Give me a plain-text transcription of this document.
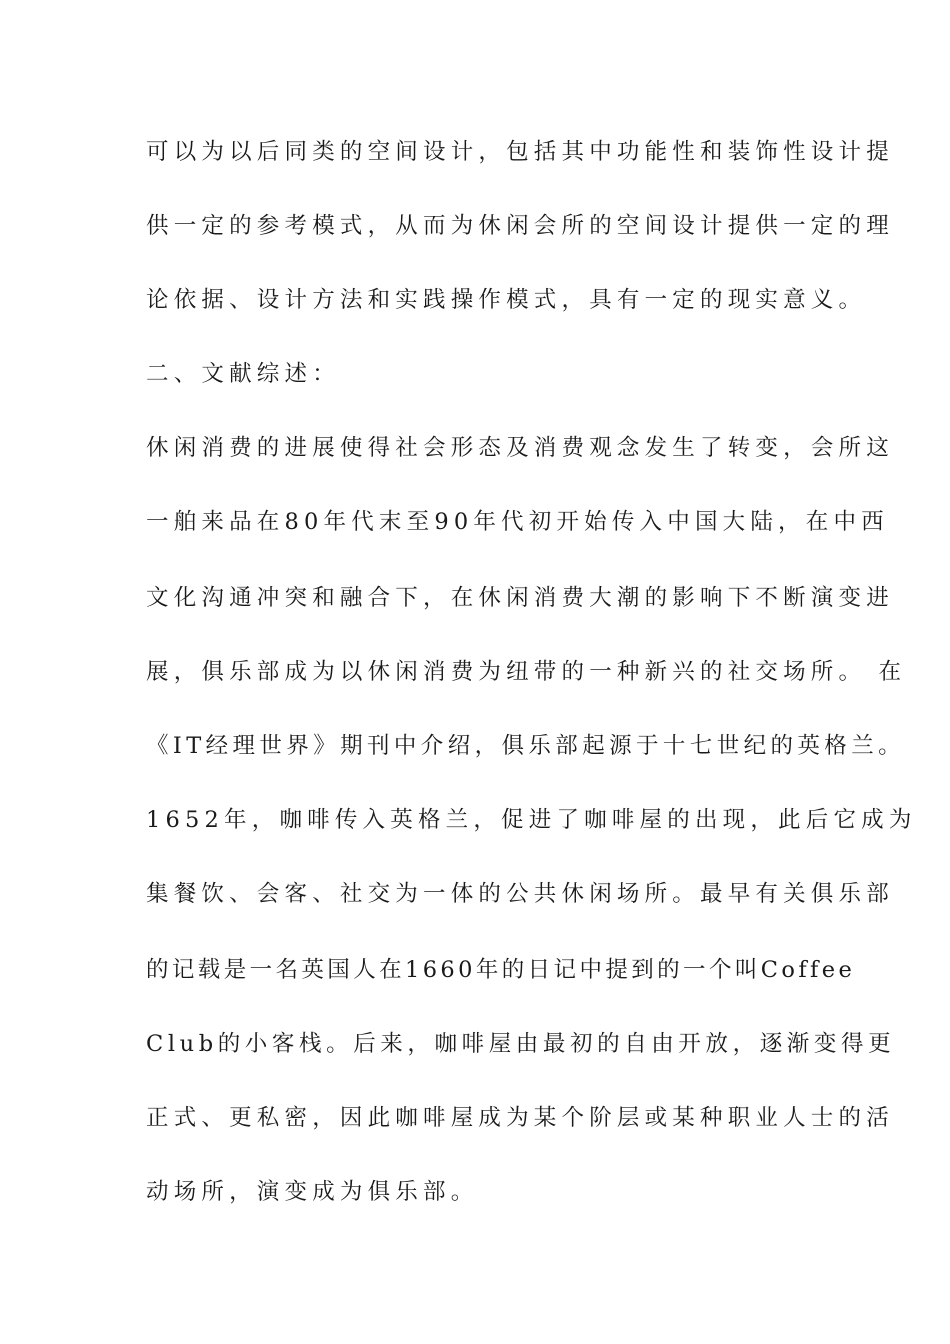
可以为以后同类的空间设计，包括其中功能性和装饰性设计提
供一定的参考模式，从而为休闲会所的空间设计提供一定的理
论依据、设计方法和实践操作模式，具有一定的现实意义。
二、文献综述：
休闲消费的进展使得社会形态及消费观念发生了转变，会所这
一舶来品在80年代末至90年代初开始传入中国大陆，在中西
文化沟通冲突和融合下，在休闲消费大潮的影响下不断演变进
展，俱乐部成为以休闲消费为纽带的一种新兴的社交场所。 在
《IT经理世界》期刊中介绍，俱乐部起源于十七世纪的英格兰。
1652年，咖啡传入英格兰，促进了咖啡屋的出现，此后它成为
集餐饮、会客、社交为一体的公共休闲场所。最早有关俱乐部
的记载是一名英国人在1660年的日记中提到的一个叫Coffee
Club的小客栈。后来，咖啡屋由最初的自由开放，逐渐变得更
正式、更私密，因此咖啡屋成为某个阶层或某种职业人士的活
动场所，演变成为俱乐部。
